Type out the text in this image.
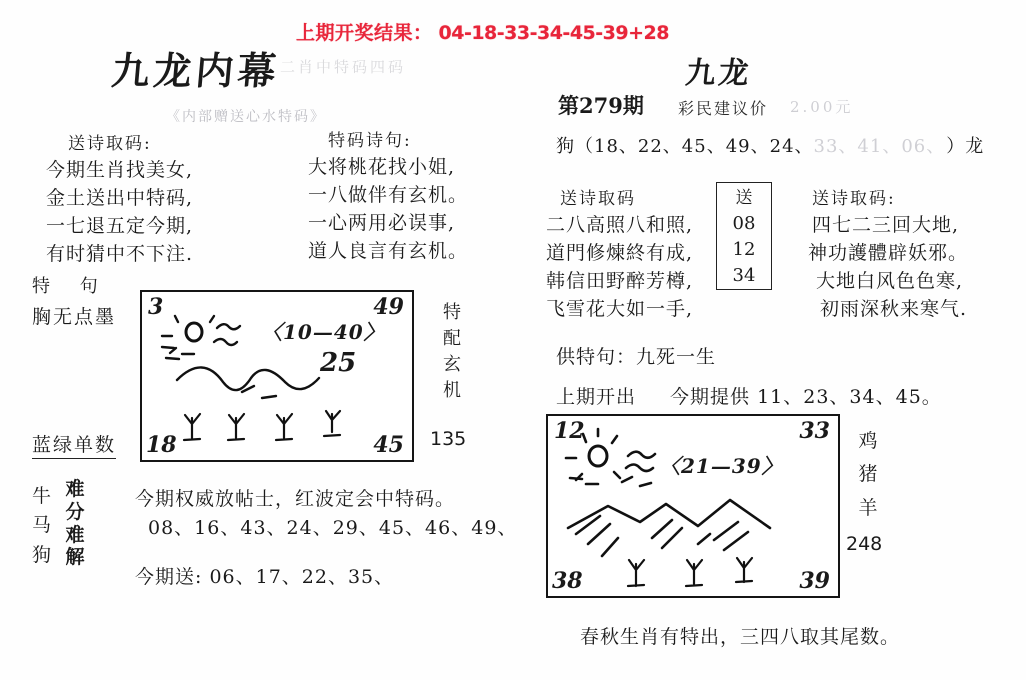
上期开奖结果： 04-18-33-34-45-39+28
九龙内幕
二肖中特码四码
《内部赠送心水特码》
送诗取码:
今期生肖找美女,
金土送出中特码,
一七退五定今期,
有时猜中不下注.
特码诗句:
大将桃花找小姐,
一八做伴有玄机。
一心两用必误事,
道人良言有玄机。
特 句
胸无点墨
蓝绿单数
3	49
18	45
〈10—40〉
25
特配玄机
135
牛
马
狗
难
分
难
解
今期权威放帖士，红波定会中特码。
08、16、43、24、29、45、46、49、
今期送: 06、17、22、35、
九龙
第279期 彩民建议价 2.00元
狗（18、22、45、49、24、33、41、06、 ）龙
送诗取码
二八高照八和照,
道門修煉終有成,
韩信田野醉芳樽,
飞雪花大如一手,
送
08
12
34
送诗取码:
四七二三回大地,
神功護體辟妖邪。
大地白风色色寒,
初雨深秋来寒气.
供特句：九死一生
上期开出 今期提供 11、23、34、45。
12	33
38	39
〈21—39〉
鸡
猪
羊
248
春秋生肖有特出，三四八取其尾数。
